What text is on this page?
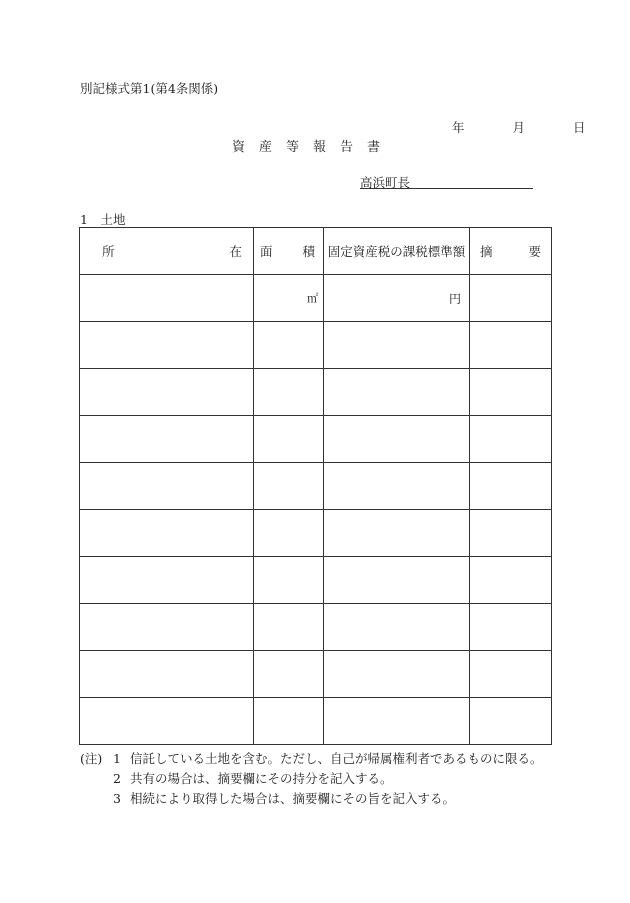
別記様式第1(第4条関係)
年	月	日
資産等報告書
高浜町長
1　土地
所 在	面 積	固定資産税の課税標準額	摘 要

	㎡	円	

(注) 1 信託している土地を含む。ただし、自己が帰属権利者であるものに限る。
2 共有の場合は、摘要欄にその持分を記入する。
3 相続により取得した場合は、摘要欄にその旨を記入する。
